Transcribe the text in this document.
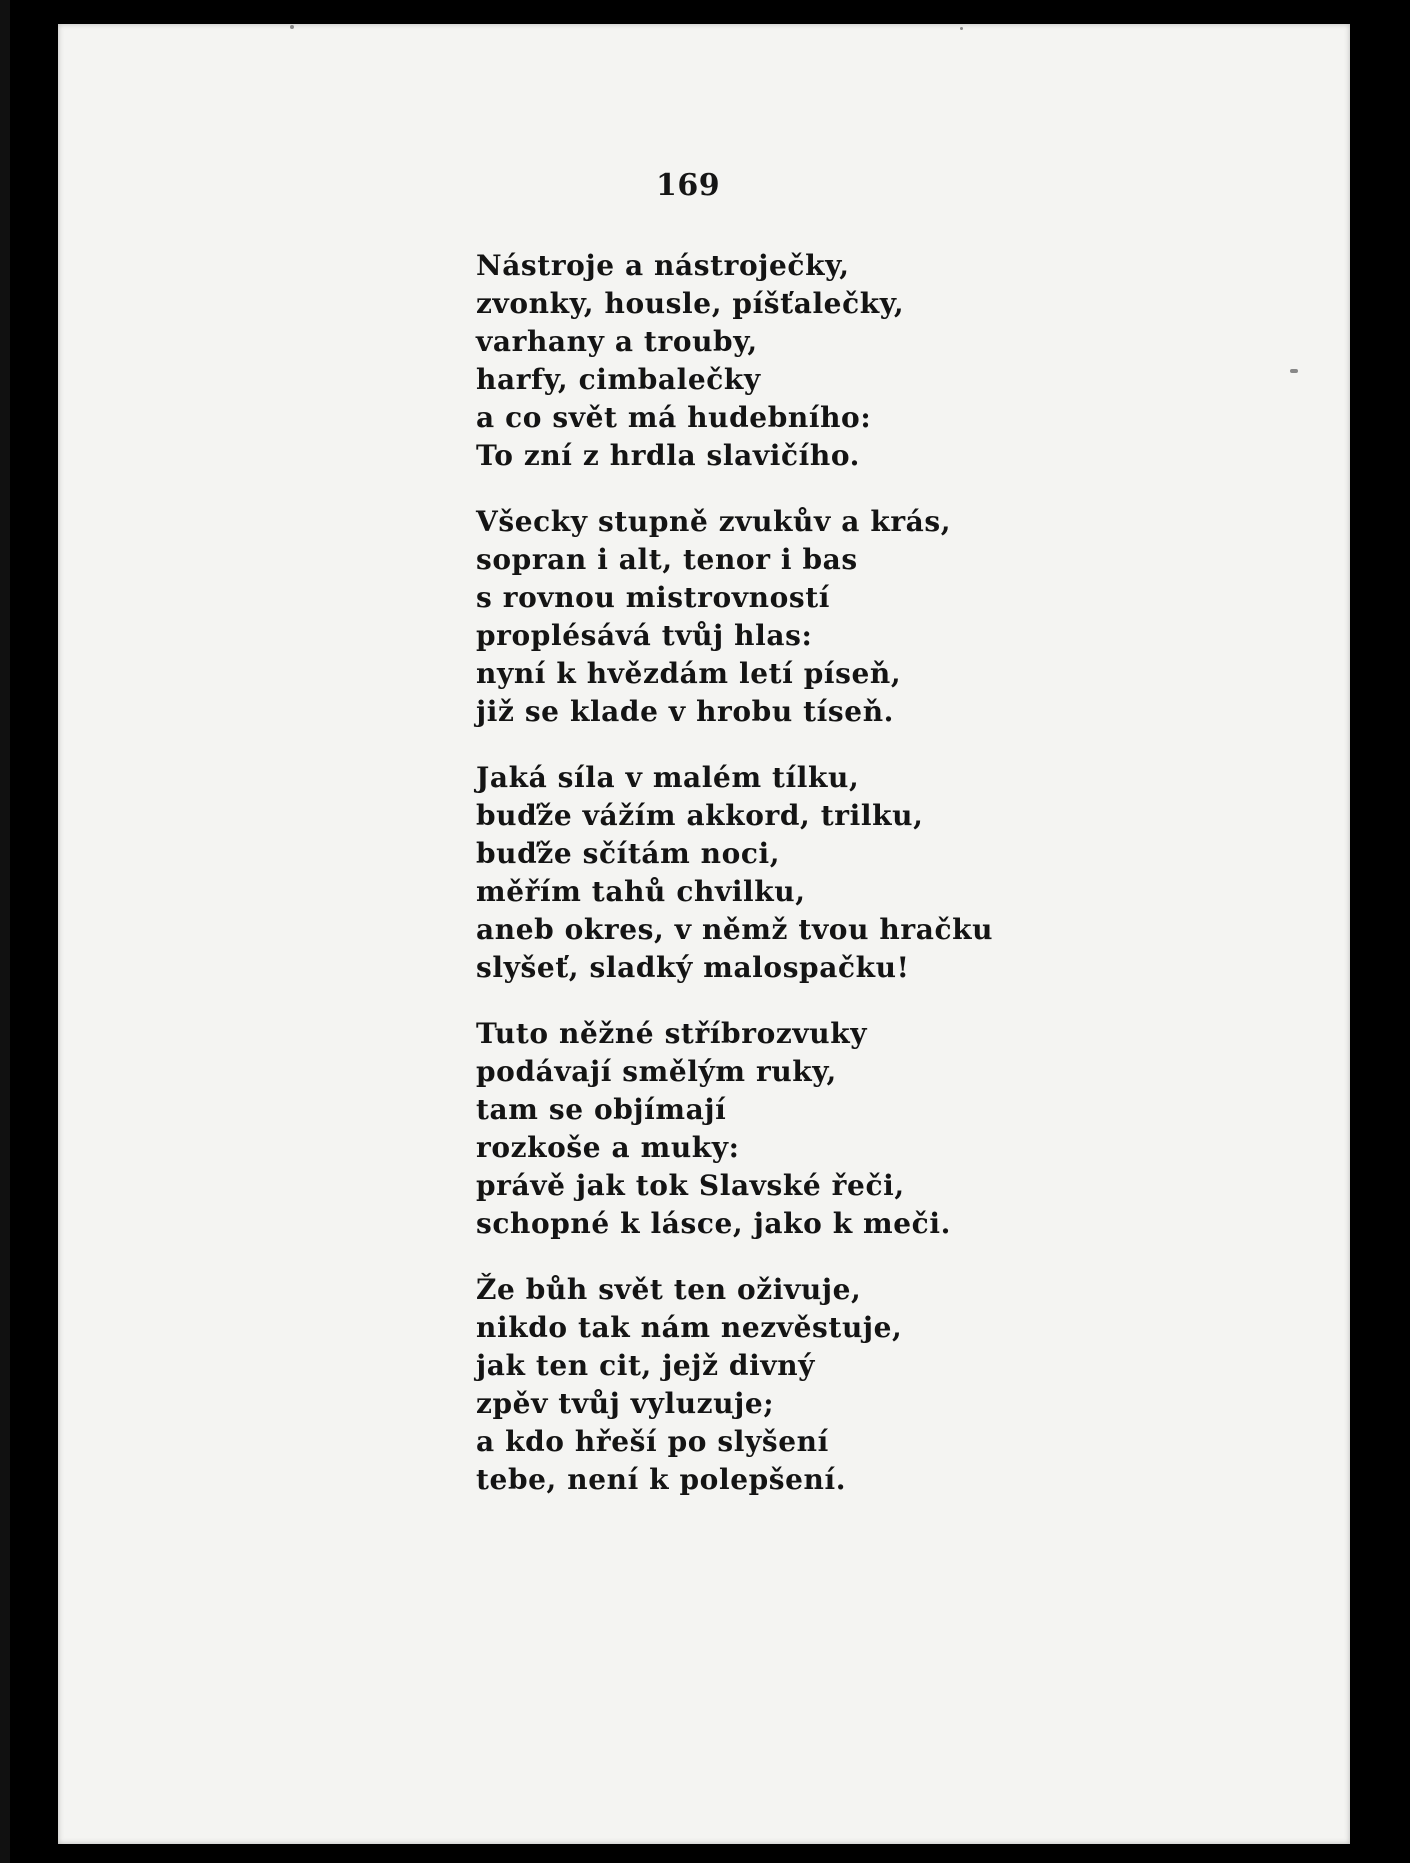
169
Nástroje a nástroječky,
zvonky, housle, píšťalečky,
varhany a trouby,
harfy, cimbalečky
a co svět má hudebního:
To zní z hrdla slavičího.
Všecky stupně zvukův a krás,
sopran i alt, tenor i bas
s rovnou mistrovností
proplésává tvůj hlas:
nyní k hvězdám letí píseň,
již se klade v hrobu tíseň.
Jaká síla v malém tílku,
buďže vážím akkord, trilku,
buďže sčítám noci,
měřím tahů chvilku,
aneb okres, v němž tvou hračku
slyšeť, sladký malospačku!
Tuto něžné stříbrozvuky
podávají smělým ruky,
tam se objímají
rozkoše a muky:
právě jak tok Slavské řeči,
schopné k lásce, jako k meči.
Že bůh svět ten oživuje,
nikdo tak nám nezvěstuje,
jak ten cit, jejž divný
zpěv tvůj vyluzuje;
a kdo hřeší po slyšení
tebe, není k polepšení.
